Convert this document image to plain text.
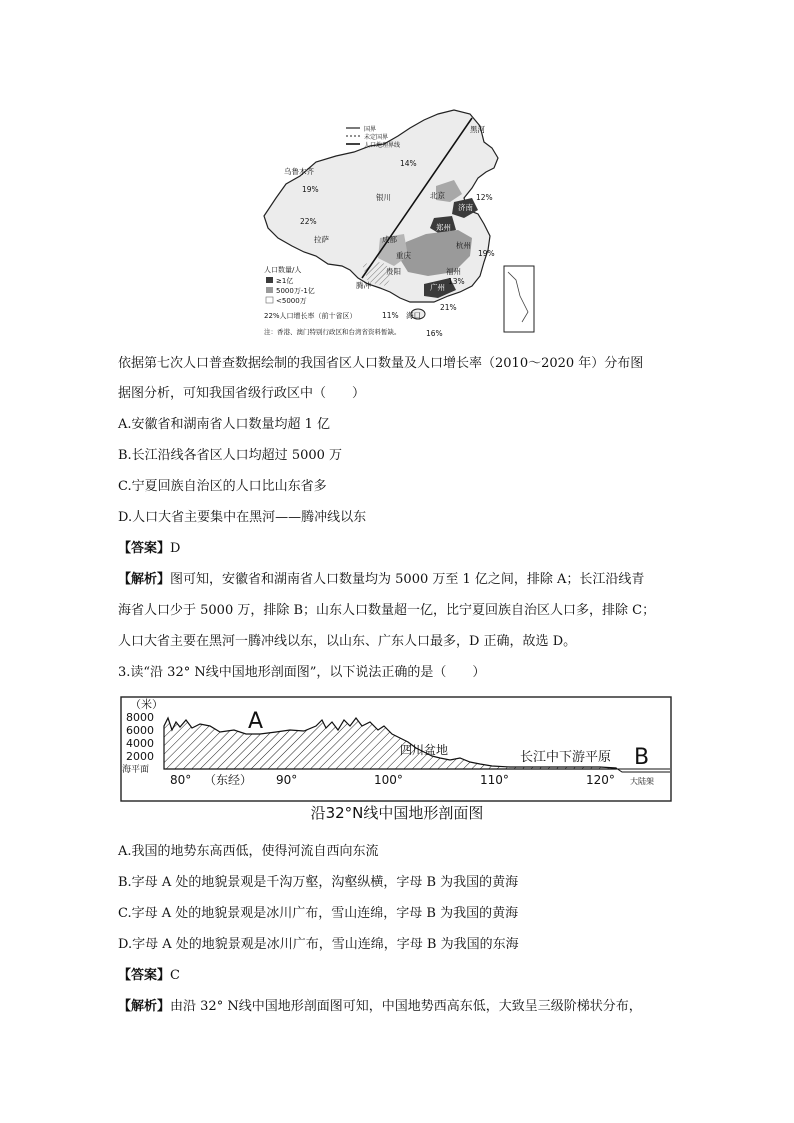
国界
未定国界
人口地理界线
黑河
乌鲁木齐
银川	北京
济南
郑州
杭州
成都
重庆
拉萨
贵阳	福州
广州
腾冲
海口
14%
19%
12%
22%
19%
13%
21%
11%
16%
人口数量/人
≥1亿
5000万-1亿
<5000万
22%人口增长率（前十省区）
注：香港、澳门特别行政区和台湾省资料暂缺。
依据第七次人口普查数据绘制的我国省区人口数量及人口增长率（2010～2020 年）分布图
据图分析，可知我国省级行政区中（　　）
A.安徽省和湖南省人口数量均超 1 亿
B.长江沿线各省区人口均超过 5000 万
C.宁夏回族自治区的人口比山东省多
D.人口大省主要集中在黑河——腾冲线以东
【答案】D
【解析】图可知，安徽省和湖南省人口数量均为 5000 万至 1 亿之间，排除 A；长江沿线青
海省人口少于 5000 万，排除 B；山东人口数量超一亿，比宁夏回族自治区人口多，排除 C；
人口大省主要在黑河一腾冲线以东，以山东、广东人口最多，D 正确，故选 D。
3.读“沿 32° N线中国地形剖面图”，以下说法正确的是（　　）
（米）
8000
6000
4000
2000
海平面
80° （东经） 90°	100°	110°	120°
A
B
四川盆地	长江中下游平原
大陆架
沿32°N线中国地形剖面图
A.我国的地势东高西低，使得河流自西向东流
B.字母 A 处的地貌景观是千沟万壑，沟壑纵横，字母 B 为我国的黄海
C.字母 A 处的地貌景观是冰川广布，雪山连绵，字母 B 为我国的黄海
D.字母 A 处的地貌景观是冰川广布，雪山连绵，字母 B 为我国的东海
【答案】C
【解析】由沿 32° N线中国地形剖面图可知，中国地势西高东低，大致呈三级阶梯状分布，
